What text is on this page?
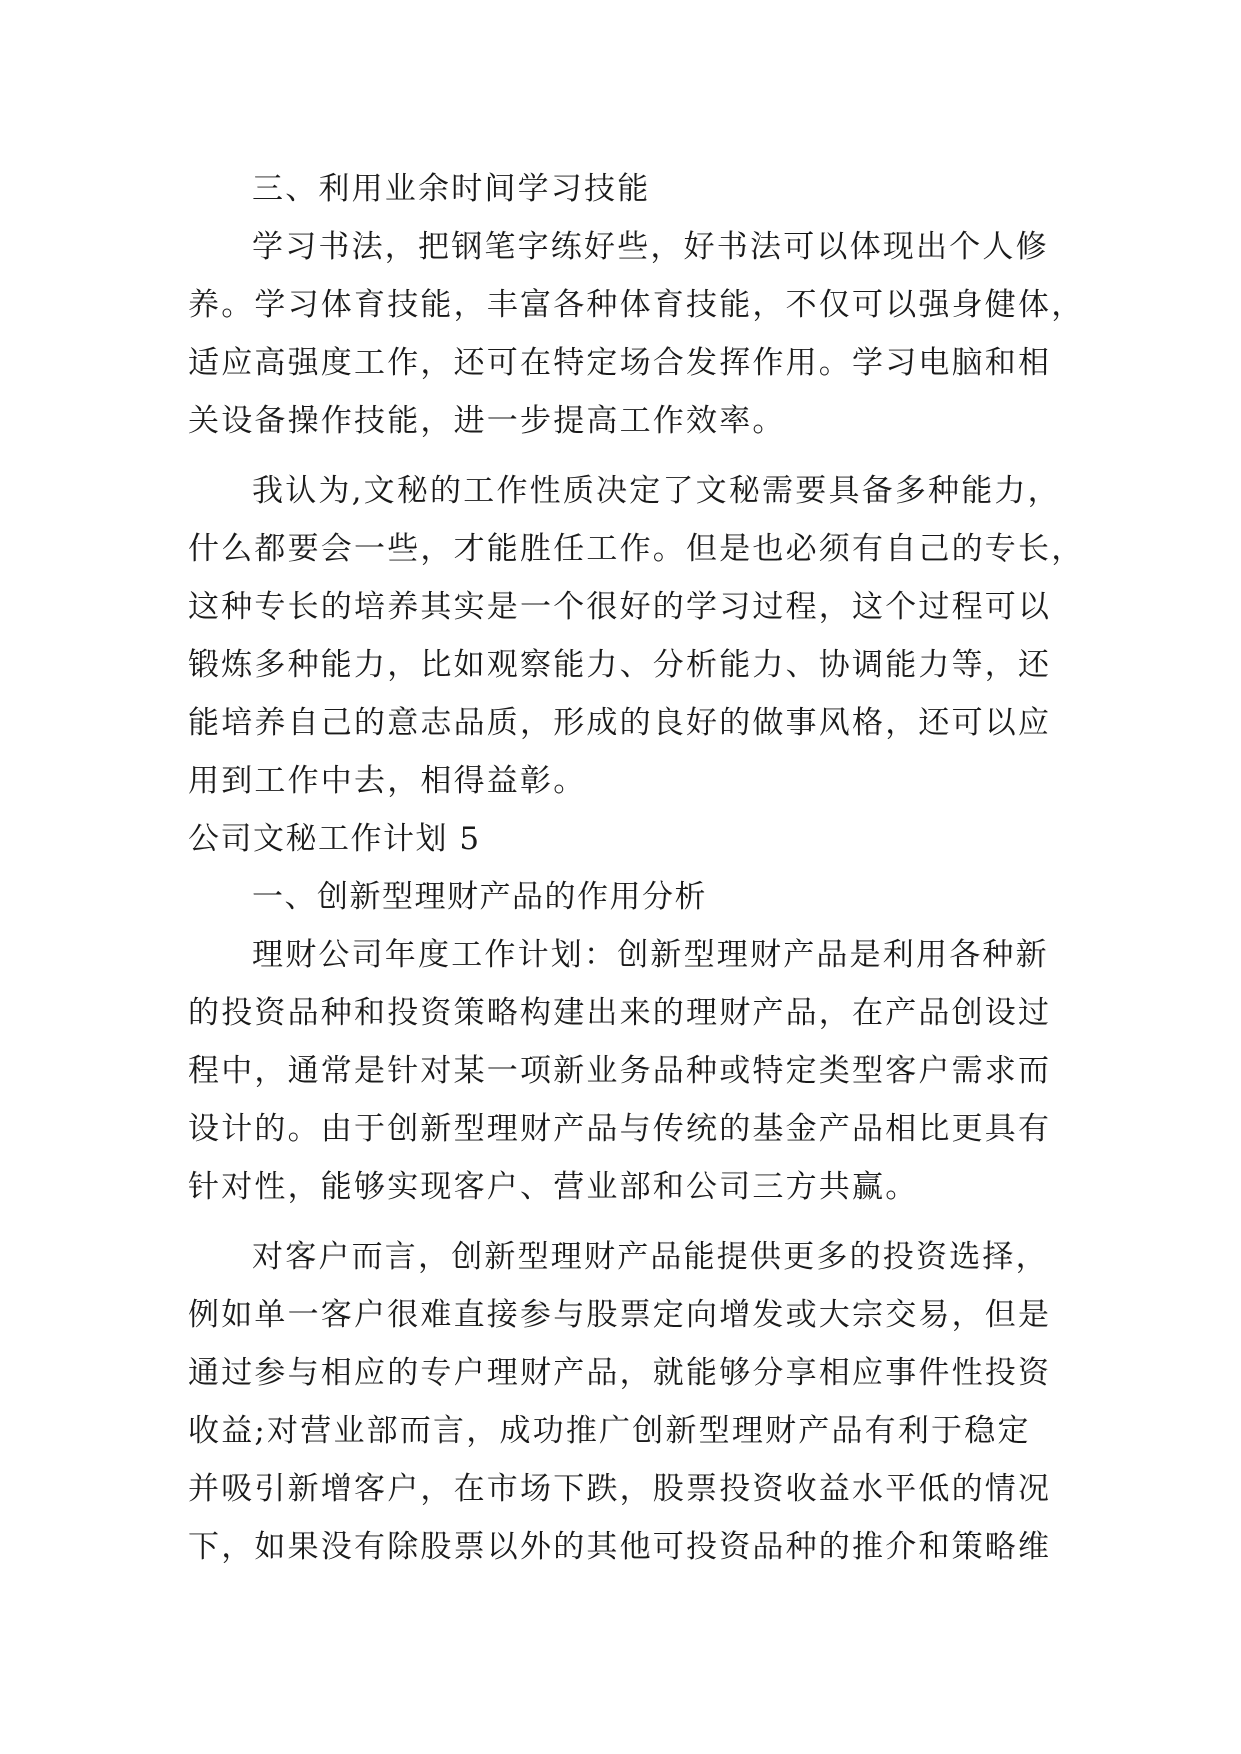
三、利用业余时间学习技能
学习书法，把钢笔字练好些，好书法可以体现出个人修
养。学习体育技能，丰富各种体育技能，不仅可以强身健体，
适应高强度工作，还可在特定场合发挥作用。学习电脑和相
关设备操作技能，进一步提高工作效率。
我认为,文秘的工作性质决定了文秘需要具备多种能力，
什么都要会一些，才能胜任工作。但是也必须有自己的专长，
这种专长的培养其实是一个很好的学习过程，这个过程可以
锻炼多种能力，比如观察能力、分析能力、协调能力等，还
能培养自己的意志品质，形成的良好的做事风格，还可以应
用到工作中去，相得益彰。
公司文秘工作计划 5
一、创新型理财产品的作用分析
理财公司年度工作计划：创新型理财产品是利用各种新
的投资品种和投资策略构建出来的理财产品，在产品创设过
程中，通常是针对某一项新业务品种或特定类型客户需求而
设计的。由于创新型理财产品与传统的基金产品相比更具有
针对性，能够实现客户、营业部和公司三方共赢。
对客户而言，创新型理财产品能提供更多的投资选择，
例如单一客户很难直接参与股票定向增发或大宗交易，但是
通过参与相应的专户理财产品，就能够分享相应事件性投资
收益;对营业部而言，成功推广创新型理财产品有利于稳定
并吸引新增客户，在市场下跌，股票投资收益水平低的情况
下，如果没有除股票以外的其他可投资品种的推介和策略维
